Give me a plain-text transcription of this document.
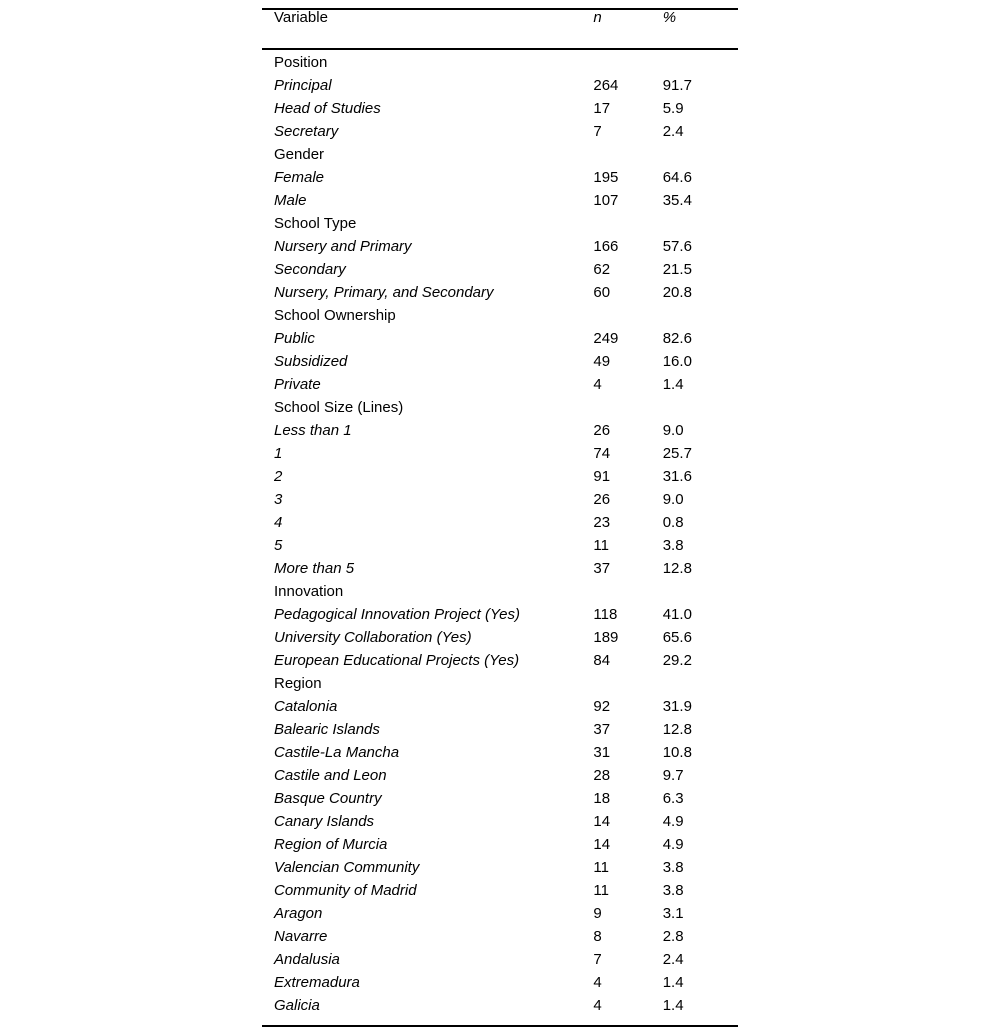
Variable	n	%
Position		
Principal	264	91.7
Head of Studies	17	5.9
Secretary	7	2.4
Gender		
Female	195	64.6
Male	107	35.4
School Type		
Nursery and Primary	166	57.6
Secondary	62	21.5
Nursery, Primary, and Secondary	60	20.8
School Ownership		
Public	249	82.6
Subsidized	49	16.0
Private	4	1.4
School Size (Lines)		
Less than 1	26	9.0
1	74	25.7
2	91	31.6
3	26	9.0
4	23	0.8
5	11	3.8
More than 5	37	12.8
Innovation		
Pedagogical Innovation Project (Yes)	118	41.0
University Collaboration (Yes)	189	65.6
European Educational Projects (Yes)	84	29.2
Region		
Catalonia	92	31.9
Balearic Islands	37	12.8
Castile-La Mancha	31	10.8
Castile and Leon	28	9.7
Basque Country	18	6.3
Canary Islands	14	4.9
Region of Murcia	14	4.9
Valencian Community	11	3.8
Community of Madrid	11	3.8
Aragon	9	3.1
Navarre	8	2.8
Andalusia	7	2.4
Extremadura	4	1.4
Galicia	4	1.4
